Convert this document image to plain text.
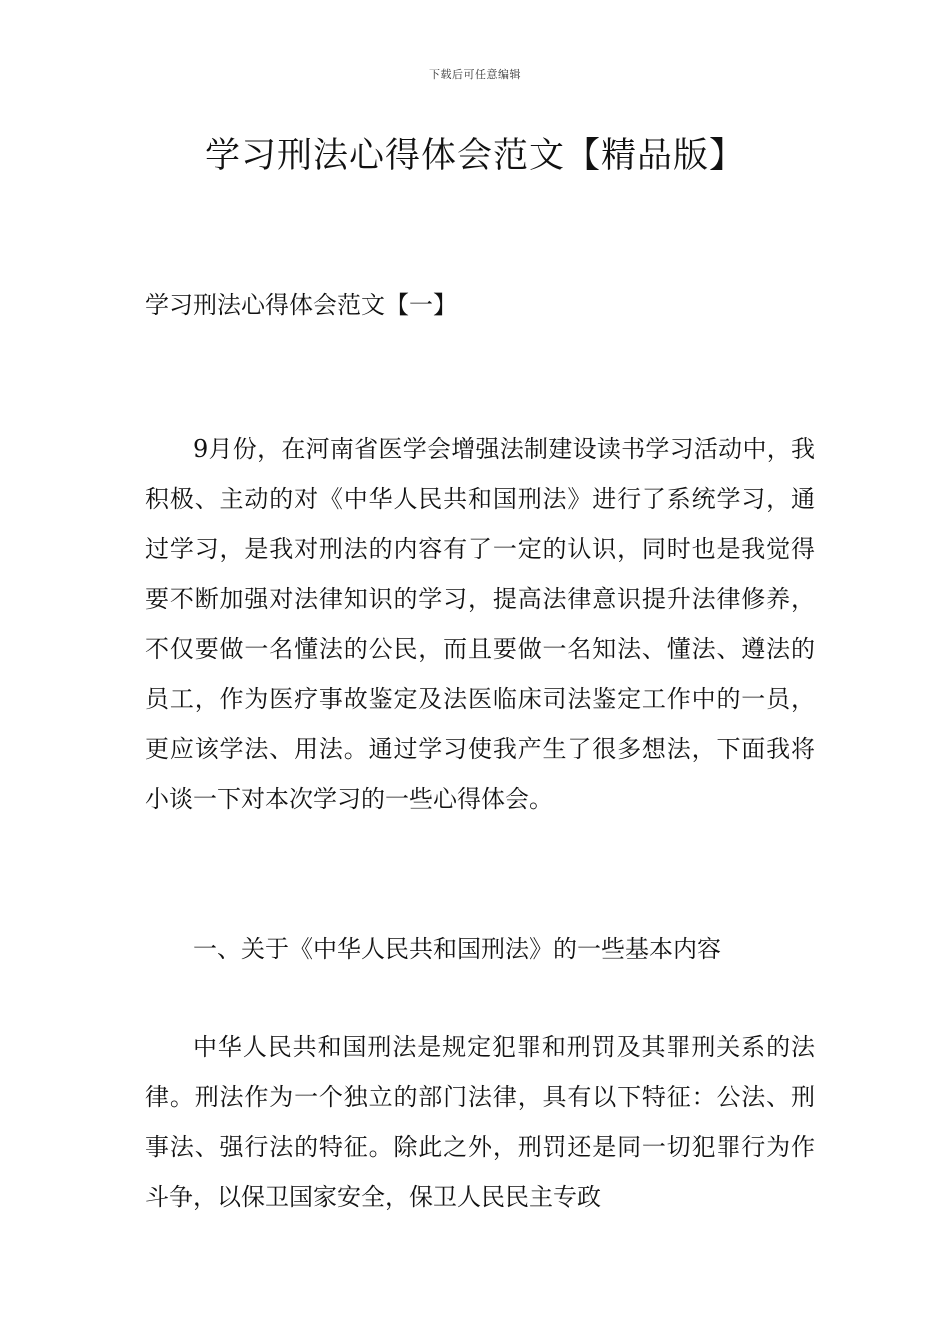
下载后可任意编辑
学习刑法心得体会范文【精品版】
学习刑法心得体会范文【一】

9月份，在河南省医学会增强法制建设读书学习活动中，我积极、主动的对《中华人民共和国刑法》进行了系统学习，通过学习，是我对刑法的内容有了一定的认识，同时也是我觉得要不断加强对法律知识的学习，提高法律意识提升法律修养，不仅要做一名懂法的公民，而且要做一名知法、懂法、遵法的员工，作为医疗事故鉴定及法医临床司法鉴定工作中的一员，更应该学法、用法。通过学习使我产生了很多想法，下面我将小谈一下对本次学习的一些心得体会。

一、关于《中华人民共和国刑法》的一些基本内容

中华人民共和国刑法是规定犯罪和刑罚及其罪刑关系的法律。刑法作为一个独立的部门法律，具有以下特征：公法、刑事法、强行法的特征。除此之外，刑罚还是同一切犯罪行为作斗争，以保卫国家安全，保卫人民民主专政
